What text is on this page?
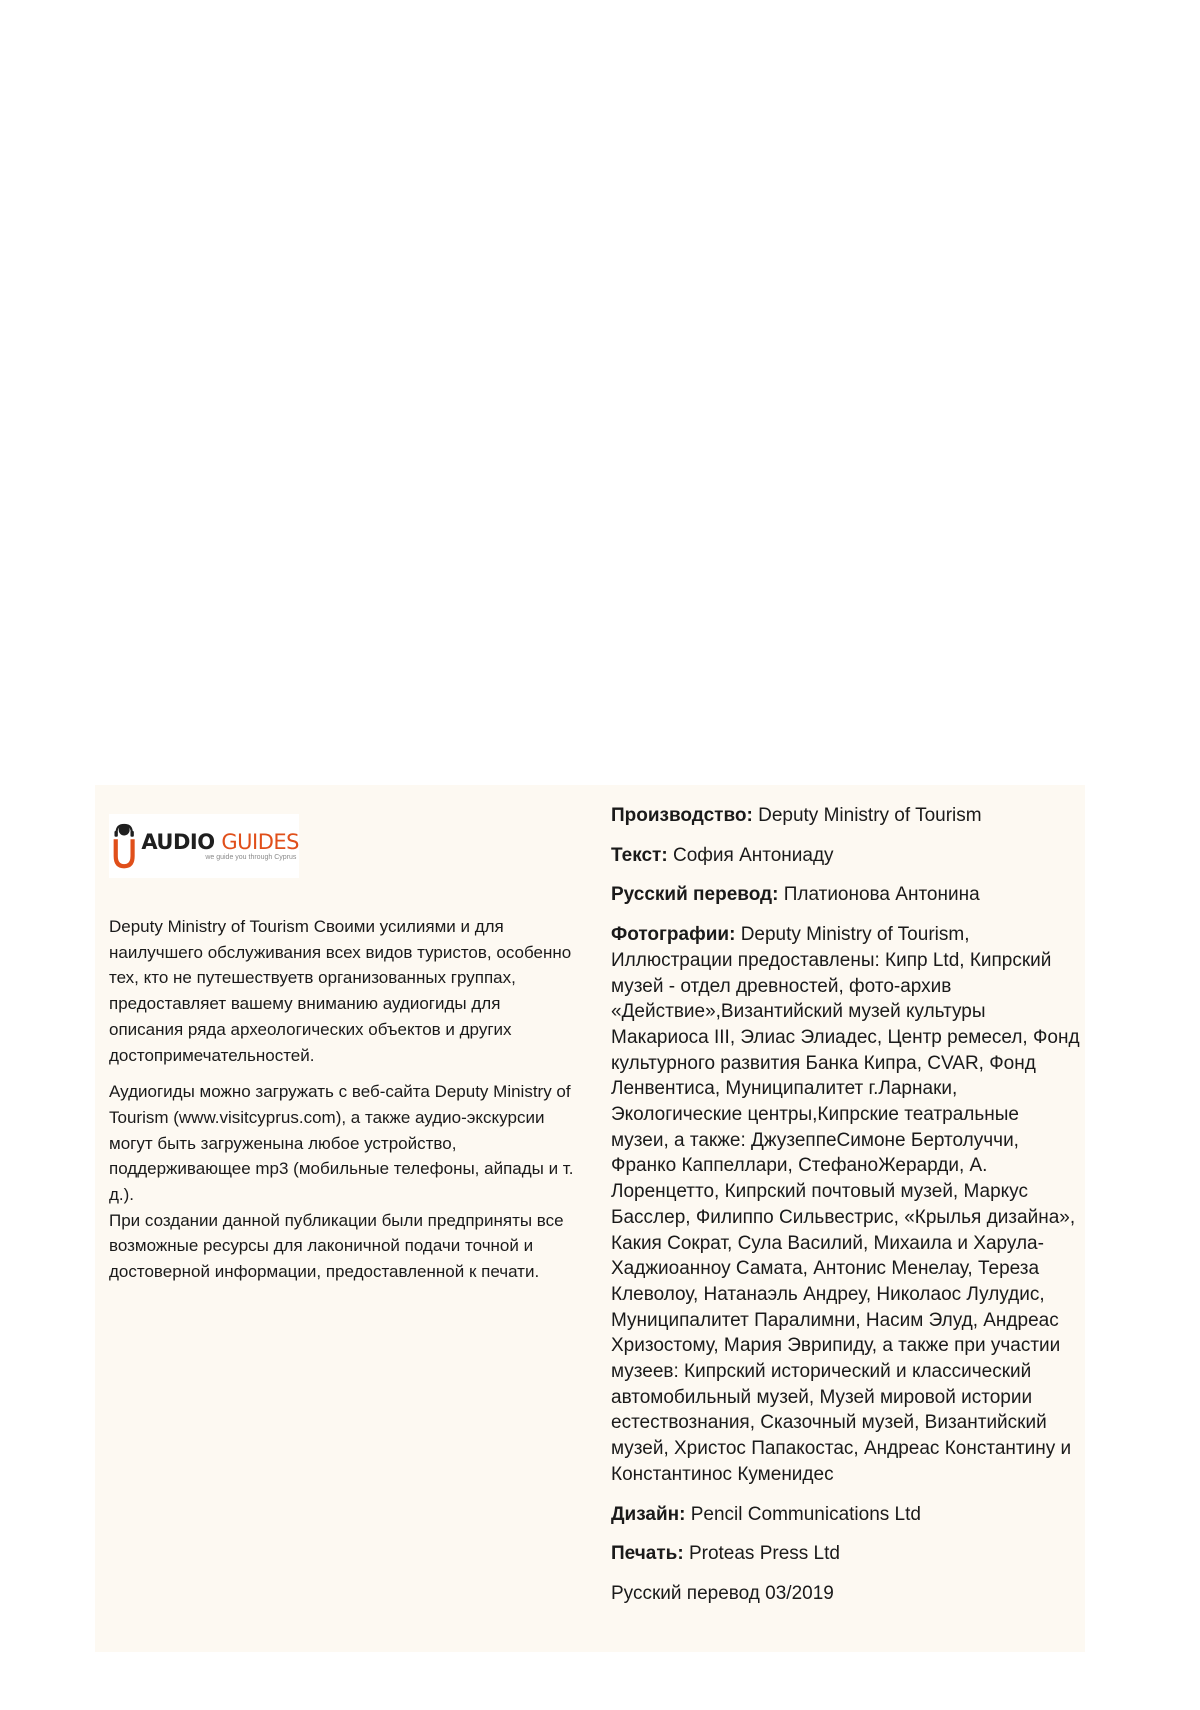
AUDIO GUIDES
we guide you through Cyprus

Deputy Ministry of Tourism Своими усилиями и для наилучшего обслуживания всех видов туристов, особенно тех, кто не путешествуетв организованных группах, предоставляет вашему вниманию аудиогиды для описания ряда археологических объектов и других достопримечательностей.

Аудиогиды можно загружать с веб-сайта Deputy Ministry of Tourism (www.visitcyprus.com), а также аудио-экскурсии могут быть загруженына любое устройство, поддерживающее mp3 (мобильные телефоны, айпады и т. д.).
При создании данной публикации были предприняты все возможные ресурсы для лаконичной подачи точной и достоверной информации, предоставленной к печати.

Производство: Deputy Ministry of Tourism

Текст: София Антониаду

Русский перевод: Платионова Антонина

Фотографии: Deputy Ministry of Tourism, Иллюстрации предоставлены: Кипр Ltd, Кипрский музей - отдел древностей, фото-архив «Действие»,Византийский музей культуры Макариоса III, Элиас Элиадес, Центр ремесел, Фонд культурного развития Банка Кипра, CVAR, Фонд Ленвентиса, Муниципалитет г.Ларнаки, Экологические центры,Кипрские театральные музеи, а также: ДжузеппеСимоне Бертолуччи, Франко Каппеллари, СтефаноЖерарди, А. Лоренцетто, Кипрский почтовый музей, Маркус Басслер, Филиппо Сильвестрис, «Крылья дизайна», Какия Сократ, Сула Василий, Михаила и Харула-Хаджиоанноу Самата, Антонис Менелау, Тереза Клеволоу, Натанаэль Андреу, Николаос Лулудис, Муниципалитет Паралимни, Насим Элуд, Андреас Хризостому, Мария Эврипиду, а также при участии музеев: Кипрский исторический и классический автомобильный музей, Музей мировой истории естествознания, Сказочный музей, Византийский музей, Христос Папакостас, Андреас Константину и Константинос Куменидес

Дизайн: Pencil Communications Ltd

Печать: Proteas Press Ltd

Русский перевод 03/2019
